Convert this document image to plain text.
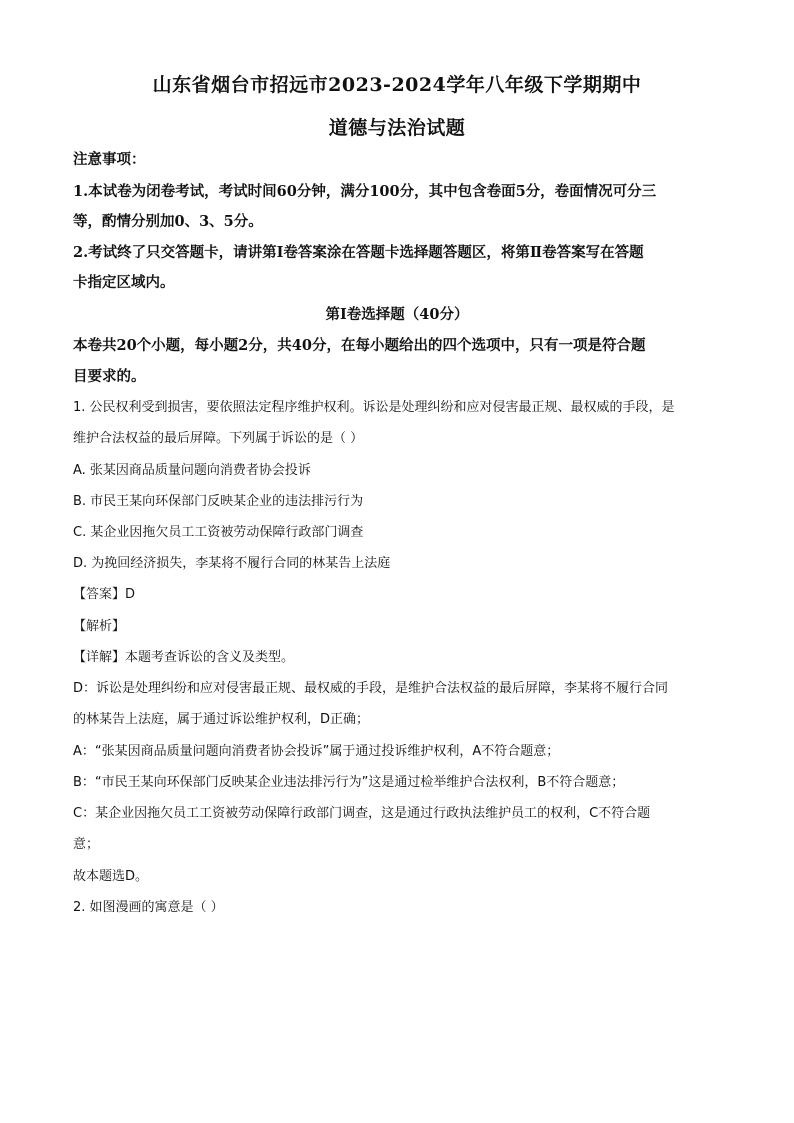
山东省烟台市招远市2023-2024学年八年级下学期期中
道德与法治试题
注意事项：
1.本试卷为闭卷考试，考试时间60分钟，满分100分，其中包含卷面5分，卷面情况可分三
等，酌情分别加0、3、5分。
2.考试终了只交答题卡，请讲第I卷答案涂在答题卡选择题答题区，将第Ⅱ卷答案写在答题
卡指定区域内。
第I卷选择题（40分）
本卷共20个小题，每小题2分，共40分，在每小题给出的四个选项中，只有一项是符合题
目要求的。
1. 公民权利受到损害，要依照法定程序维护权利。诉讼是处理纠纷和应对侵害最正规、最权威的手段，是
维护合法权益的最后屏障。下列属于诉讼的是（ ）
A. 张某因商品质量问题向消费者协会投诉
B. 市民王某向环保部门反映某企业的违法排污行为
C. 某企业因拖欠员工工资被劳动保障行政部门调查
D. 为挽回经济损失，李某将不履行合同的林某告上法庭
【答案】D
【解析】
【详解】本题考查诉讼的含义及类型。
D：诉讼是处理纠纷和应对侵害最正规、最权威的手段，是维护合法权益的最后屏障，李某将不履行合同
的林某告上法庭，属于通过诉讼维护权利，D正确；
A：“张某因商品质量问题向消费者协会投诉”属于通过投诉维护权利，A不符合题意；
B：“市民王某向环保部门反映某企业违法排污行为”这是通过检举维护合法权利，B不符合题意；
C：某企业因拖欠员工工资被劳动保障行政部门调查，这是通过行政执法维护员工的权利，C不符合题
意；
故本题选D。
2. 如图漫画的寓意是（ ）
